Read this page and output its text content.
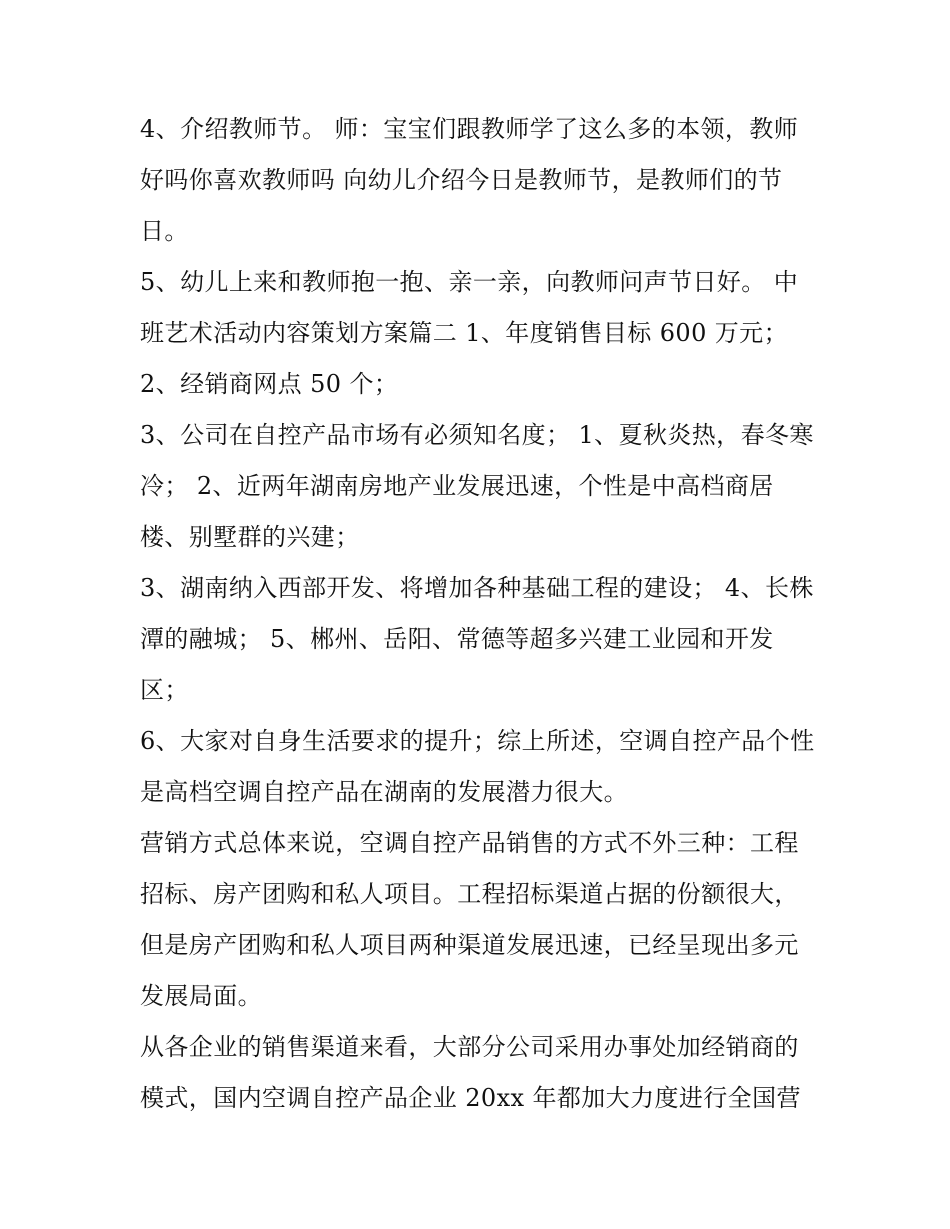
4、介绍教师节。 师：宝宝们跟教师学了这么多的本领，教师好吗你喜欢教师吗 向幼儿介绍今日是教师节，是教师们的节日。

5、幼儿上来和教师抱一抱、亲一亲，向教师问声节日好。 中班艺术活动内容策划方案篇二 1、年度销售目标 600 万元；

2、经销商网点 50 个；

3、公司在自控产品市场有必须知名度； 1、夏秋炎热，春冬寒冷； 2、近两年湖南房地产业发展迅速，个性是中高档商居楼、别墅群的兴建；

3、湖南纳入西部开发、将增加各种基础工程的建设； 4、长株潭的融城； 5、郴州、岳阳、常德等超多兴建工业园和开发区；

6、大家对自身生活要求的提升；综上所述，空调自控产品个性是高档空调自控产品在湖南的发展潜力很大。

营销方式总体来说，空调自控产品销售的方式不外三种：工程招标、房产团购和私人项目。工程招标渠道占据的份额很大，但是房产团购和私人项目两种渠道发展迅速，已经呈现出多元发展局面。

从各企业的销售渠道来看，大部分公司采用办事处加经销商的模式，国内空调自控产品企业 20xx 年都加大力度进行全国营
